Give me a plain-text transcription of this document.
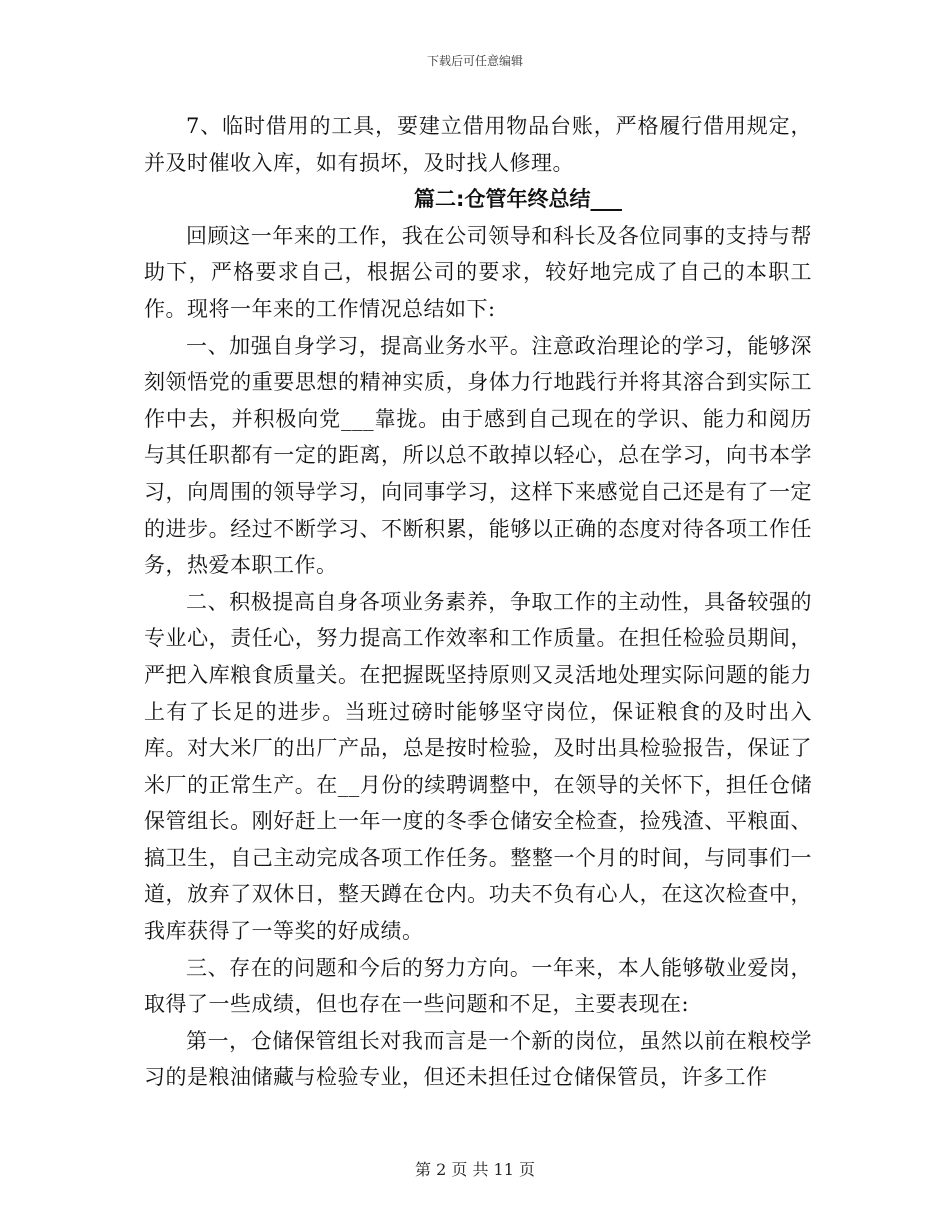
下载后可任意编辑

7、临时借用的工具，要建立借用物品台账，严格履行借用规定，并及时催收入库，如有损坏，及时找人修理。

篇二:仓管年终总结___

回顾这一年来的工作，我在公司领导和科长及各位同事的支持与帮助下，严格要求自己，根据公司的要求，较好地完成了自己的本职工作。现将一年来的工作情况总结如下:

一、加强自身学习，提高业务水平。注意政治理论的学习，能够深刻领悟党的重要思想的精神实质，身体力行地践行并将其溶合到实际工作中去，并积极向党___靠拢。由于感到自己现在的学识、能力和阅历与其任职都有一定的距离，所以总不敢掉以轻心，总在学习，向书本学习，向周围的领导学习，向同事学习，这样下来感觉自己还是有了一定的进步。经过不断学习、不断积累，能够以正确的态度对待各项工作任务，热爱本职工作。

二、积极提高自身各项业务素养，争取工作的主动性，具备较强的专业心，责任心，努力提高工作效率和工作质量。在担任检验员期间，严把入库粮食质量关。在把握既坚持原则又灵活地处理实际问题的能力上有了长足的进步。当班过磅时能够坚守岗位，保证粮食的及时出入库。对大米厂的出厂产品，总是按时检验，及时出具检验报告，保证了米厂的正常生产。在__月份的续聘调整中，在领导的关怀下，担任仓储保管组长。刚好赶上一年一度的冬季仓储安全检查，捡残渣、平粮面、搞卫生，自己主动完成各项工作任务。整整一个月的时间，与同事们一道，放弃了双休日，整天蹲在仓内。功夫不负有心人，在这次检查中，我库获得了一等奖的好成绩。

三、存在的问题和今后的努力方向。一年来，本人能够敬业爱岗，取得了一些成绩，但也存在一些问题和不足，主要表现在:

第一，仓储保管组长对我而言是一个新的岗位，虽然以前在粮校学习的是粮油储藏与检验专业，但还未担任过仓储保管员，许多工作

第 2 页 共 11 页
